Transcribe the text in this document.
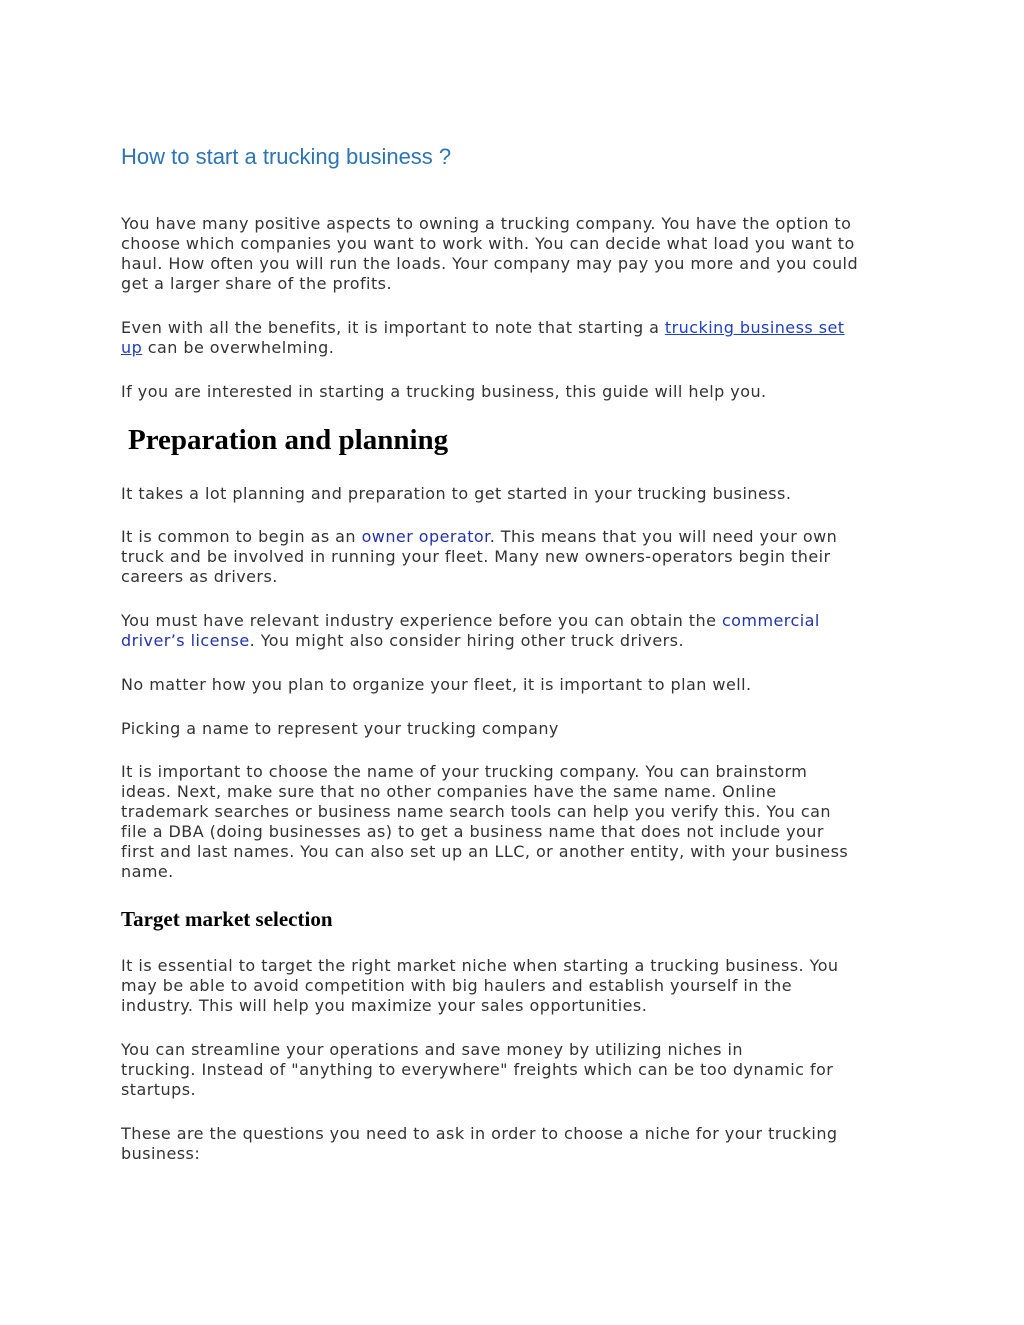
How to start a trucking business ?

You have many positive aspects to owning a trucking company. You have the option to
choose which companies you want to work with. You can decide what load you want to
haul. How often you will run the loads. Your company may pay you more and you could
get a larger share of the profits.

Even with all the benefits, it is important to note that starting a trucking business set
up can be overwhelming.

If you are interested in starting a trucking business, this guide will help you.

Preparation and planning

It takes a lot planning and preparation to get started in your trucking business.

It is common to begin as an owner operator. This means that you will need your own
truck and be involved in running your fleet. Many new owners-operators begin their
careers as drivers.

You must have relevant industry experience before you can obtain the commercial
driver’s license. You might also consider hiring other truck drivers.

No matter how you plan to organize your fleet, it is important to plan well.

Picking a name to represent your trucking company

It is important to choose the name of your trucking company. You can brainstorm
ideas. Next, make sure that no other companies have the same name. Online
trademark searches or business name search tools can help you verify this. You can
file a DBA (doing businesses as) to get a business name that does not include your
first and last names. You can also set up an LLC, or another entity, with your business
name.

Target market selection

It is essential to target the right market niche when starting a trucking business. You
may be able to avoid competition with big haulers and establish yourself in the
industry. This will help you maximize your sales opportunities.

You can streamline your operations and save money by utilizing niches in
trucking. Instead of "anything to everywhere" freights which can be too dynamic for
startups.

These are the questions you need to ask in order to choose a niche for your trucking
business:
